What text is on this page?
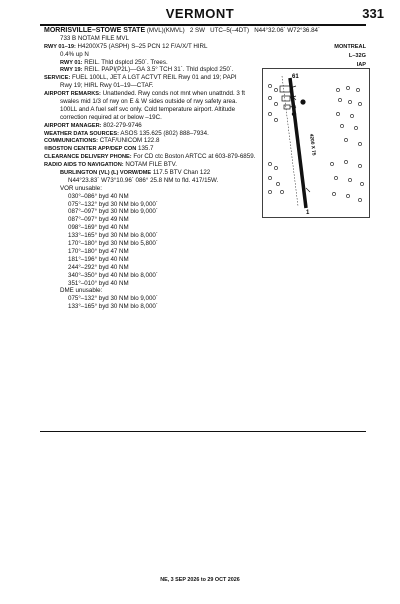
VERMONT	331
MORRISVILLE–STOWE STATE (MVL)(KMVL) 2 SW UTC–5(–4DT) N44°32.06´ W72°36.84´
733 B NOTAM FILE MVL
RWY 01–19: H4200X75 (ASPH) S–25 PCN 12 F/A/X/T HIRL
0.4% up N
RWY 01: REIL. Thld dsplcd 250´. Trees.
RWY 19: REIL. PAPI(P2L)—GA 3.5° TCH 31´. Thld dsplcd 250´.
SERVICE: FUEL 100LL, JET A LGT ACTVT REIL Rwy 01 and 19; PAPI
Rwy 19; HIRL Rwy 01–19—CTAF.
AIRPORT REMARKS: Unattended. Rwy conds not mnt when unattndd. 3 ft
swales mid 1/3 of rwy on E & W sides outside of rwy safety area.
100LL and A fuel self svc only. Cold temperature airport. Altitude
correction required at or below –19C.
AIRPORT MANAGER: 802-279-9746
WEATHER DATA SOURCES: ASOS 135.625 (802) 888–7934.
COMMUNICATIONS: CTAF/UNICOM 122.8
®BOSTON CENTER APP/DEP CON 135.7
CLEARANCE DELIVERY PHONE: For CD ctc Boston ARTCC at 603-879-6859.
RADIO AIDS TO NAVIGATION: NOTAM FILE BTV.
BURLINGTON (VL) (L) VORW/DME 117.5 BTV Chan 122
N44°23.83´ W73°10.96´ 086° 25.8 NM to fld. 417/15W.
VOR unusable:
030°–086° byd 40 NM
075°–132° byd 30 NM blo 9,000´
087°–097° byd 30 NM blo 9,000´
087°–097° byd 49 NM
098°–169° byd 40 NM
133°–165° byd 30 NM blo 8,000´
170°–180° byd 30 NM blo 5,800´
170°–180° byd 47 NM
181°–196° byd 40 NM
244°–292° byd 40 NM
340°–350° byd 40 NM blo 8,000´
351°–010° byd 40 NM
DME unusable:
075°–132° byd 30 NM blo 9,000´
133°–165° byd 30 NM blo 8,000´
MONTREAL
L–32G
IAP
61
1
4200 X 75
NE, 3 SEP 2026 to 29 OCT 2026
